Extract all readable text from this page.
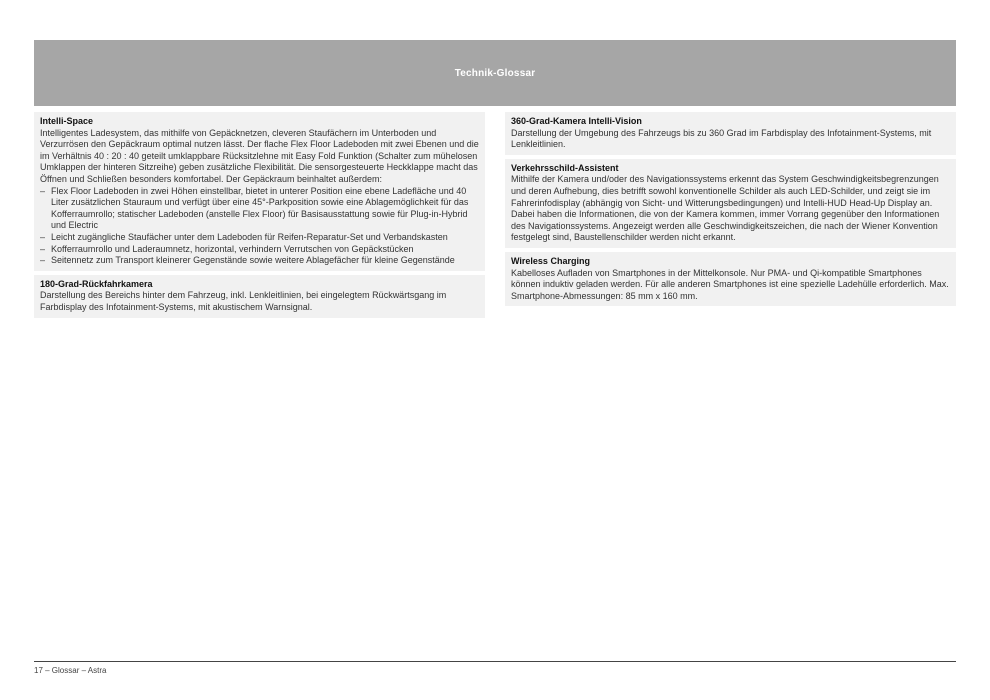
Technik-Glossar
Intelli-Space
Intelligentes Ladesystem, das mithilfe von Gepäcknetzen, cleveren Staufächern im Unterboden und Verzurrösen den Gepäckraum optimal nutzen lässt. Der flache Flex Floor Ladeboden mit zwei Ebenen und die im Verhältnis 40 : 20 : 40 geteilt umklappbare Rücksitzlehne mit Easy Fold Funktion (Schalter zum mühelosen Umklappen der hinteren Sitzreihe) geben zusätzliche Flexibilität. Die sensorgesteuerte Heckklappe macht das Öffnen und Schließen besonders komfortabel. Der Gepäckraum beinhaltet außerdem:
– Flex Floor Ladeboden in zwei Höhen einstellbar, bietet in unterer Position eine ebene Ladefläche und 40 Liter zusätzlichen Stauraum und verfügt über eine 45°-Parkposition sowie eine Ablagemöglichkeit für das Kofferraumrollo; statischer Ladeboden (anstelle Flex Floor) für Basisausstattung sowie für Plug-in-Hybrid und Electric
– Leicht zugängliche Staufächer unter dem Ladeboden für Reifen-Reparatur-Set und Verbandskasten
– Kofferraumrollo und Laderaumnetz, horizontal, verhindern Verrutschen von Gepäckstücken
– Seitennetz zum Transport kleinerer Gegenstände sowie weitere Ablagefächer für kleine Gegenstände
180-Grad-Rückfahrkamera
Darstellung des Bereichs hinter dem Fahrzeug, inkl. Lenkleitlinien, bei eingelegtem Rückwärtsgang im Farbdisplay des Infotainment-Systems, mit akustischem Warnsignal.
360-Grad-Kamera Intelli-Vision
Darstellung der Umgebung des Fahrzeugs bis zu 360 Grad im Farbdisplay des Infotainment-Systems, mit Lenkleitlinien.
Verkehrsschild-Assistent
Mithilfe der Kamera und/oder des Navigationssystems erkennt das System Geschwindigkeitsbegrenzungen und deren Aufhebung, dies betrifft sowohl konventionelle Schilder als auch LED-Schilder, und zeigt sie im Fahrerinfodisplay (abhängig von Sicht- und Witterungsbedingungen) und Intelli-HUD Head-Up Display an. Dabei haben die Informationen, die von der Kamera kommen, immer Vorrang gegenüber den Informationen des Navigationssystems. Angezeigt werden alle Geschwindigkeitszeichen, die nach der Wiener Konvention festgelegt sind, Baustellenschilder werden nicht erkannt.
Wireless Charging
Kabelloses Aufladen von Smartphones in der Mittelkonsole. Nur PMA- und Qi-kompatible Smartphones können induktiv geladen werden. Für alle anderen Smartphones ist eine spezielle Ladehülle erforderlich. Max. Smartphone-Abmessungen: 85 mm x 160 mm.
17 – Glossar – Astra
